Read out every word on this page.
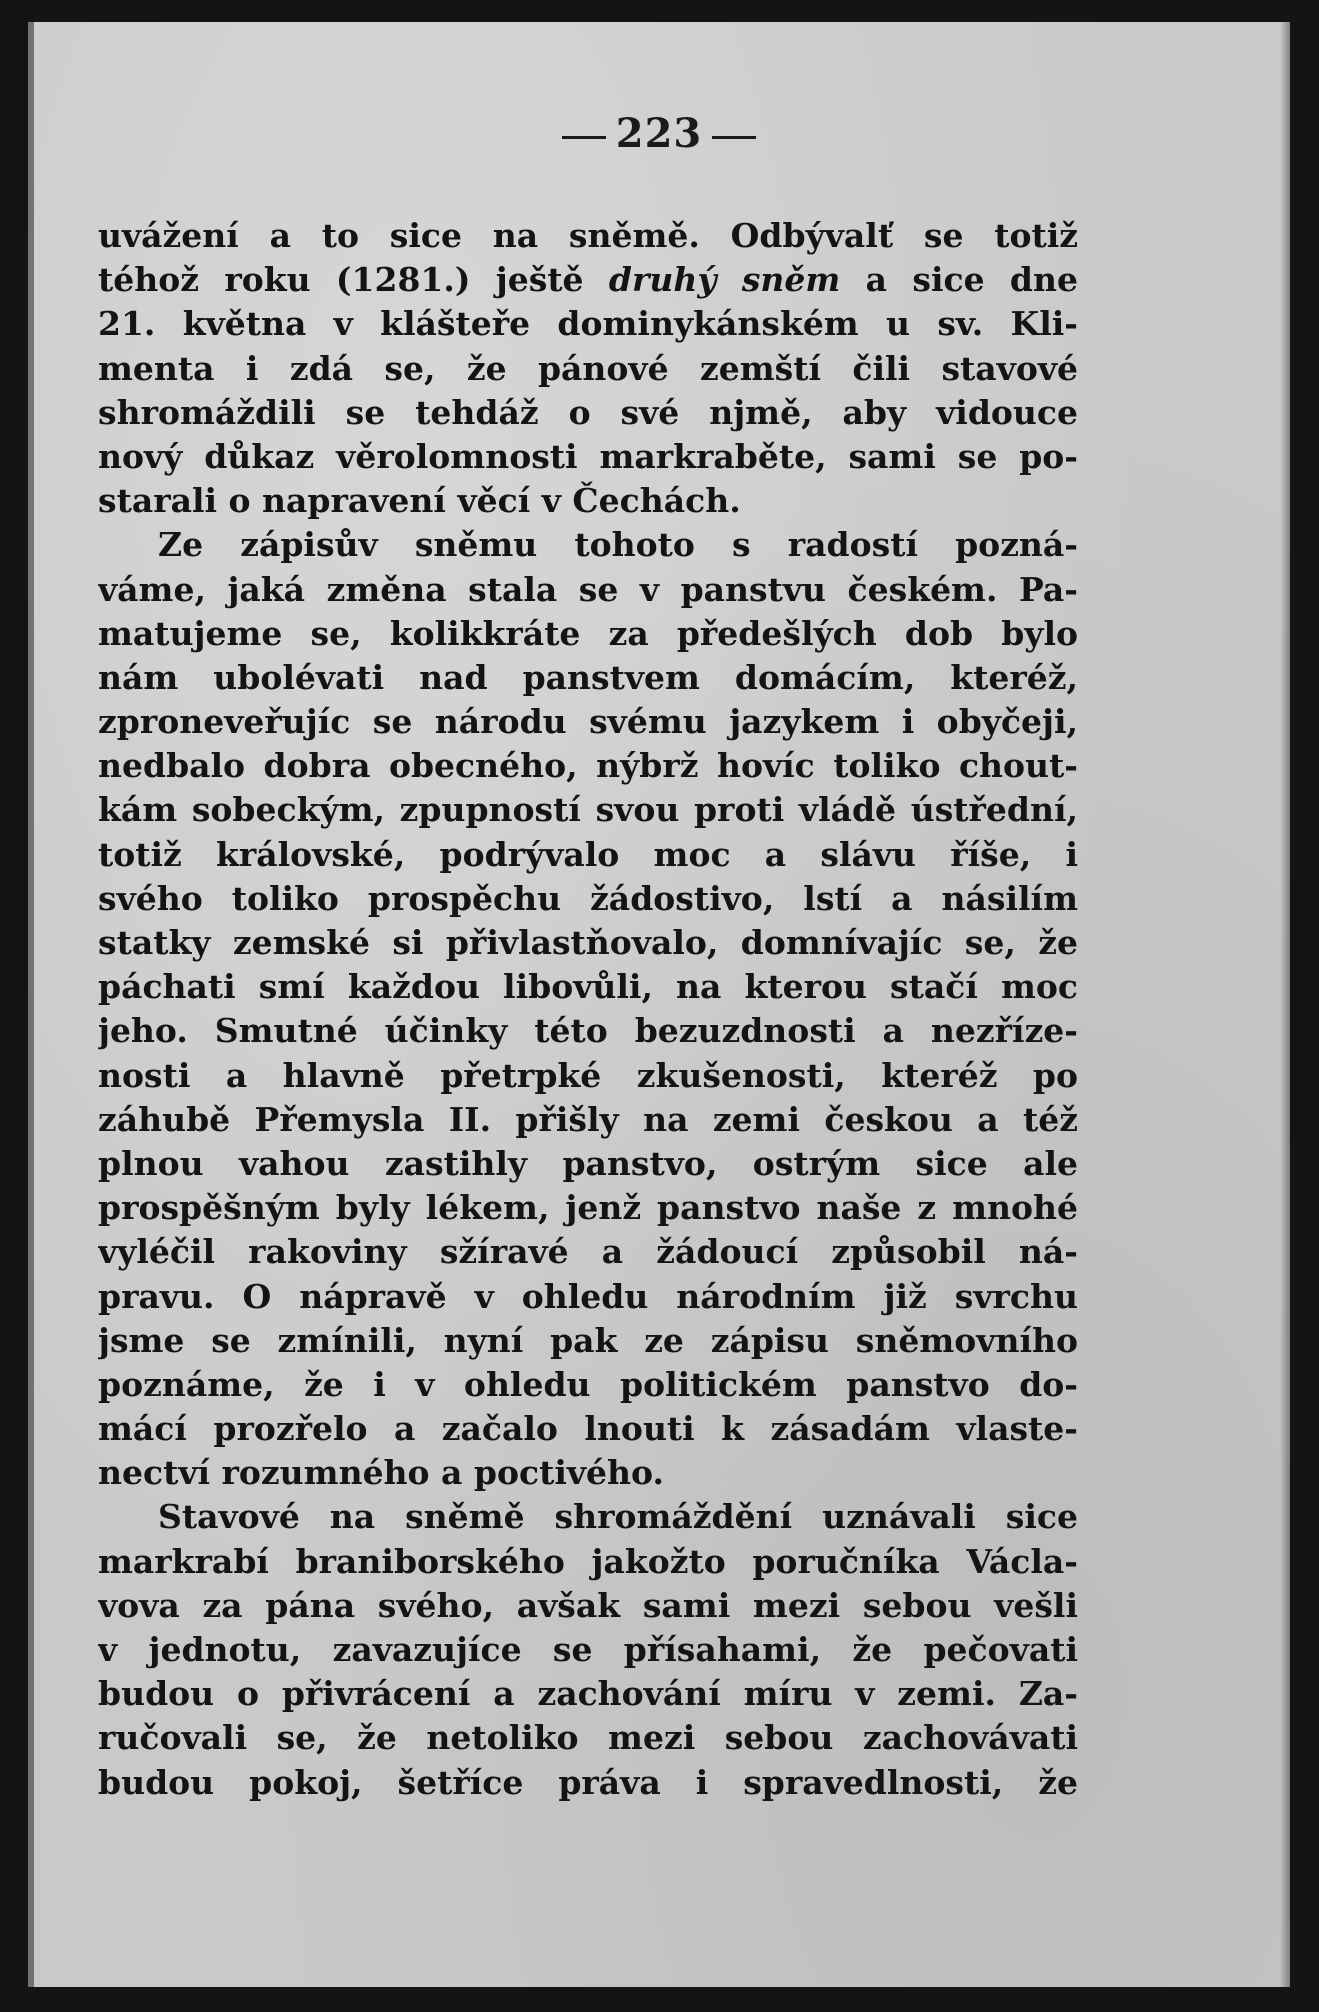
223
uvážení a to sice na sněmě. Odbývalť se totiž
téhož roku (1281.) ještě druhý sněm a sice dne
21. května v klášteře dominykánském u sv. Kli-
menta i zdá se, že pánové zemští čili stavové
shromáždili se tehdáž o své njmě, aby vidouce
nový důkaz věrolomnosti markraběte, sami se po-
starali o napravení věcí v Čechách.
Ze zápisův sněmu tohoto s radostí pozná-
váme, jaká změna stala se v panstvu českém. Pa-
matujeme se, kolikkráte za předešlých dob bylo
nám ubolévati nad panstvem domácím, kteréž,
zproneveřujíc se národu svému jazykem i obyčeji,
nedbalo dobra obecného, nýbrž hovíc toliko chout-
kám sobeckým, zpupností svou proti vládě ústřední,
totiž královské, podrývalo moc a slávu říše, i
svého toliko prospěchu žádostivo, lstí a násilím
statky zemské si přivlastňovalo, domnívajíc se, že
páchati smí každou libovůli, na kterou stačí moc
jeho. Smutné účinky této bezuzdnosti a nezřízе-
nosti a hlavně přetrpké zkušenosti, kteréž po
záhubě Přemysla II. přišly na zemi českou a též
plnou vahou zastihly panstvo, ostrým sice ale
prospěšným byly lékem, jenž panstvo naše z mnohé
vyléčil rakoviny sžíravé a žádoucí způsobil ná-
pravu. O nápravě v ohledu národním již svrchu
jsme se zmínili, nyní pak ze zápisu sněmovního
poznáme, že i v ohledu politickém panstvo do-
mácí prozřelo a začalo lnouti k zásadám vlaste-
nectví rozumného a poctivého.
Stavové na sněmě shromáždění uznávali sice
markrabí braniborského jakožto poručníka Václa-
vova za pána svého, avšak sami mezi sebou vešli
v jednotu, zavazujíce se přísahami, že pečovati
budou o přivrácení a zachování míru v zemi. Za-
ručovali se, že netoliko mezi sebou zachovávati
budou pokoj, šetříce práva i spravedlnosti, že
